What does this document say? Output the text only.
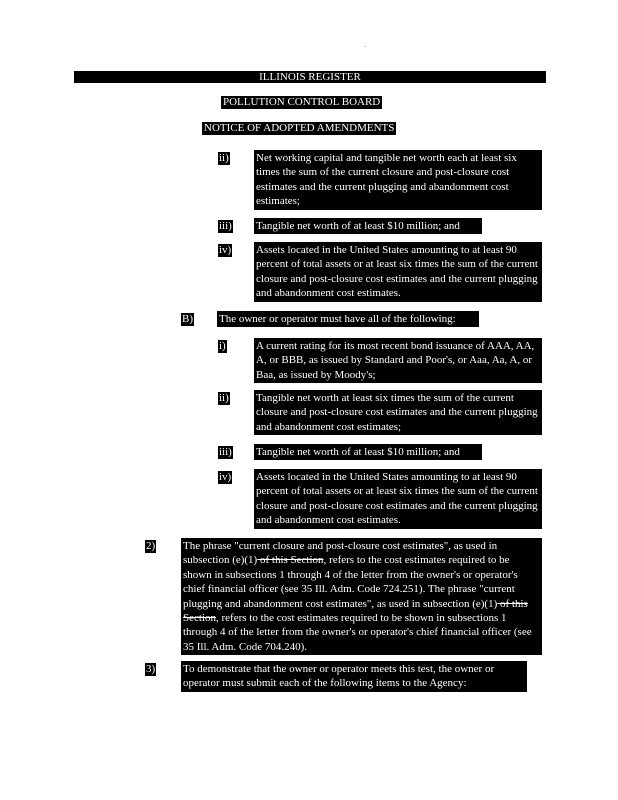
ILLINOIS REGISTER
POLLUTION CONTROL BOARD
NOTICE OF ADOPTED AMENDMENTS
ii) Net working capital and tangible net worth each at least six times the sum of the current closure and post-closure cost estimates and the current plugging and abandonment cost estimates;
iii) Tangible net worth of at least $10 million; and
iv) Assets located in the United States amounting to at least 90 percent of total assets or at least six times the sum of the current closure and post-closure cost estimates and the current plugging and abandonment cost estimates.
B) The owner or operator must have all of the following:
i)	A current rating for its most recent bond issuance of AAA, AA, A, or BBB, as issued by Standard and Poor's, or Aaa, Aa, A, or Baa, as issued by Moody's;
ii) Tangible net worth at least six times the sum of the current closure and post-closure cost estimates and the current plugging and abandonment cost estimates;
iii) Tangible net worth of at least $10 million; and
iv) Assets located in the United States amounting to at least 90 percent of total assets or at least six times the sum of the current closure and post-closure cost estimates and the current plugging and abandonment cost estimates.
2)	The phrase "current closure and post-closure cost estimates", as used in subsection (e)(1) of this Section, refers to the cost estimates required to be shown in subsections 1 through 4 of the letter from the owner's or operator's chief financial officer (see 35 Ill. Adm. Code 724.251). The phrase "current plugging and abandonment cost estimates", as used in subsection (e)(1) of this Section, refers to the cost estimates required to be shown in subsections 1 through 4 of the letter from the owner's or operator's chief financial officer (see 35 Ill. Adm. Code 704.240).
3)	To demonstrate that the owner or operator meets this test, the owner or operator must submit each of the following items to the Agency:
